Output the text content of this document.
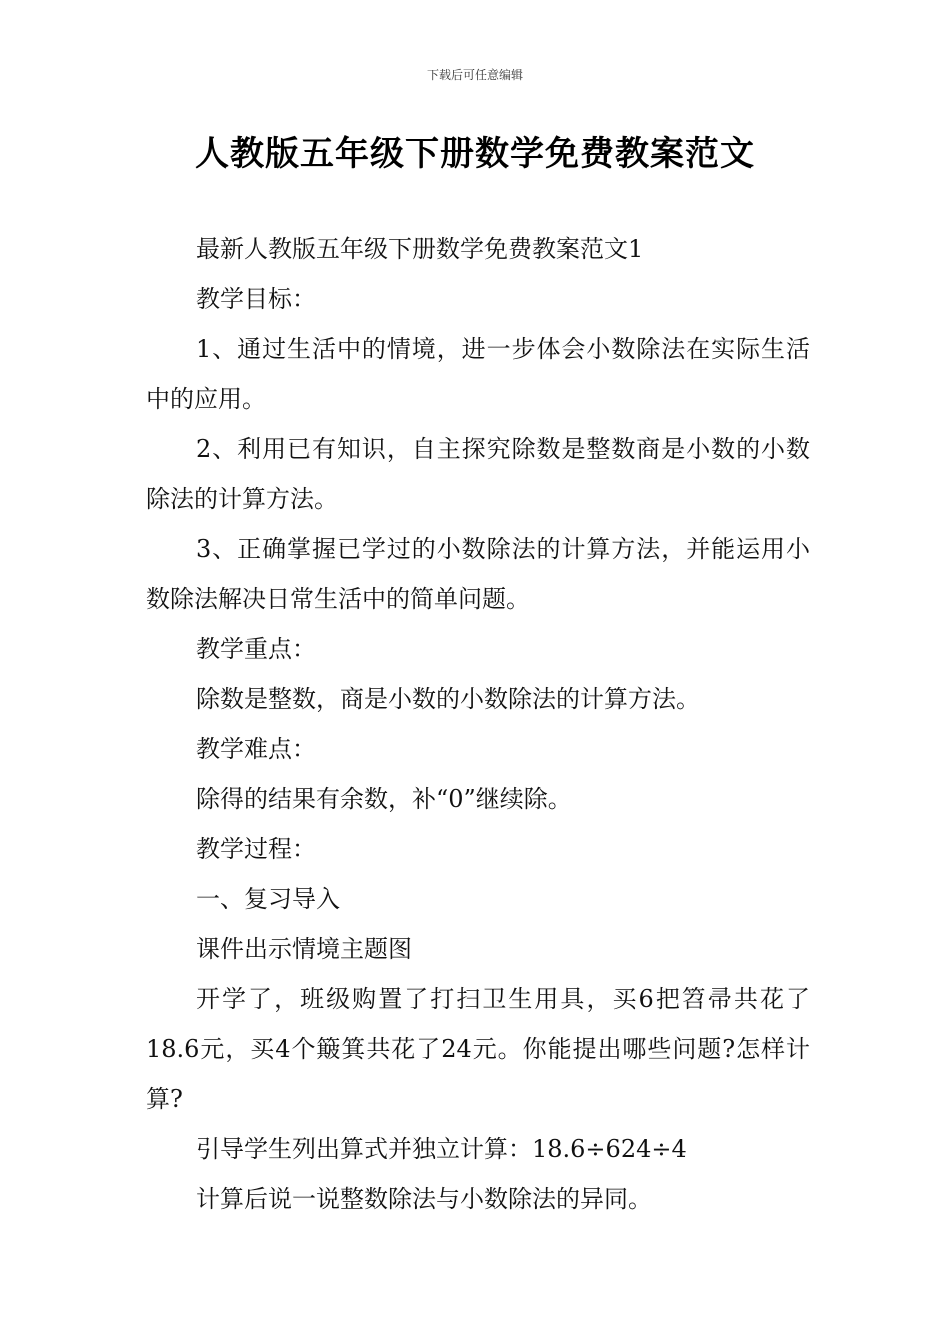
下载后可任意编辑
人教版五年级下册数学免费教案范文

最新人教版五年级下册数学免费教案范文1

教学目标：

1、通过生活中的情境，进一步体会小数除法在实际生活中的应用。

2、利用已有知识，自主探究除数是整数商是小数的小数除法的计算方法。

3、正确掌握已学过的小数除法的计算方法，并能运用小数除法解决日常生活中的简单问题。

教学重点：

除数是整数，商是小数的小数除法的计算方法。

教学难点：

除得的结果有余数，补“0”继续除。

教学过程：

一、复习导入

课件出示情境主题图

开学了，班级购置了打扫卫生用具，买6把笤帚共花了18.6元，买4个簸箕共花了24元。你能提出哪些问题?怎样计算?

引导学生列出算式并独立计算：18.6÷624÷4

计算后说一说整数除法与小数除法的异同。
